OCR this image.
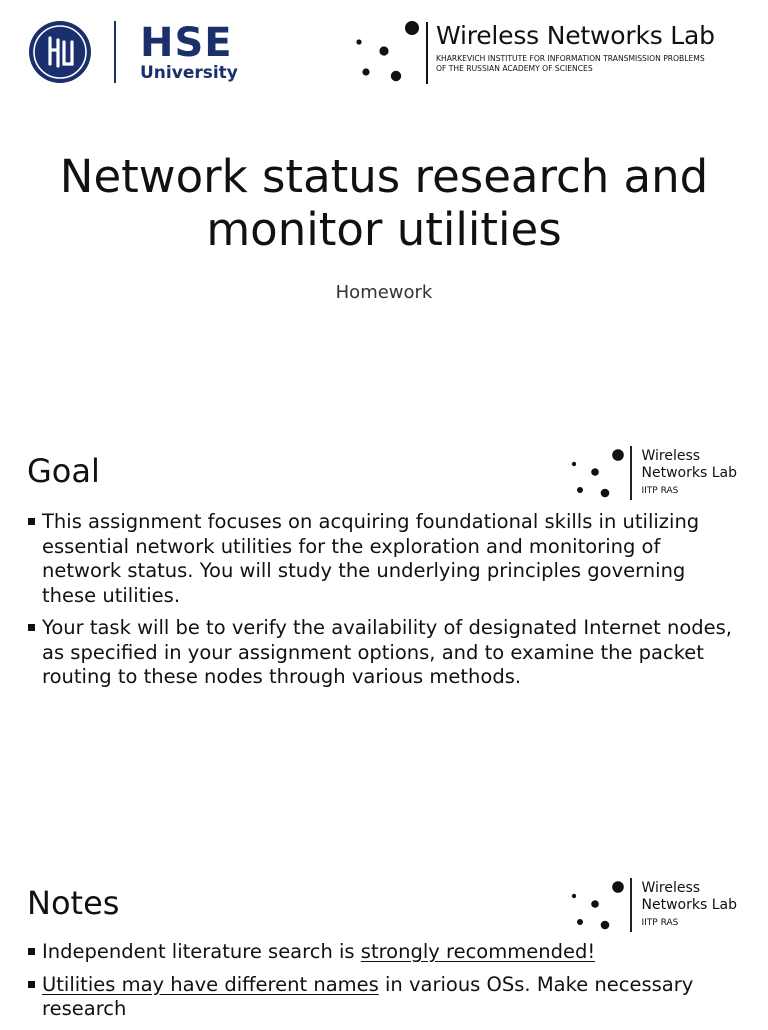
HSE
University
Wireless Networks Lab
KHARKEVICH INSTITUTE FOR INFORMATION TRANSMISSION PROBLEMS
OF THE RUSSIAN ACADEMY OF SCIENCES
Network status research and
monitor utilities
Homework
Goal	Wireless
Networks Lab
IITP RAS
This assignment focuses on acquiring foundational skills in utilizing essential network utilities for the exploration and monitoring of network status. You will study the underlying principles governing these utilities.
Your task will be to verify the availability of designated Internet nodes, as specified in your assignment options, and to examine the packet routing to these nodes through various methods.
Notes	Wireless
Networks Lab
IITP RAS
Independent literature search is strongly recommended!
Utilities may have different names in various OSs. Make necessary research
